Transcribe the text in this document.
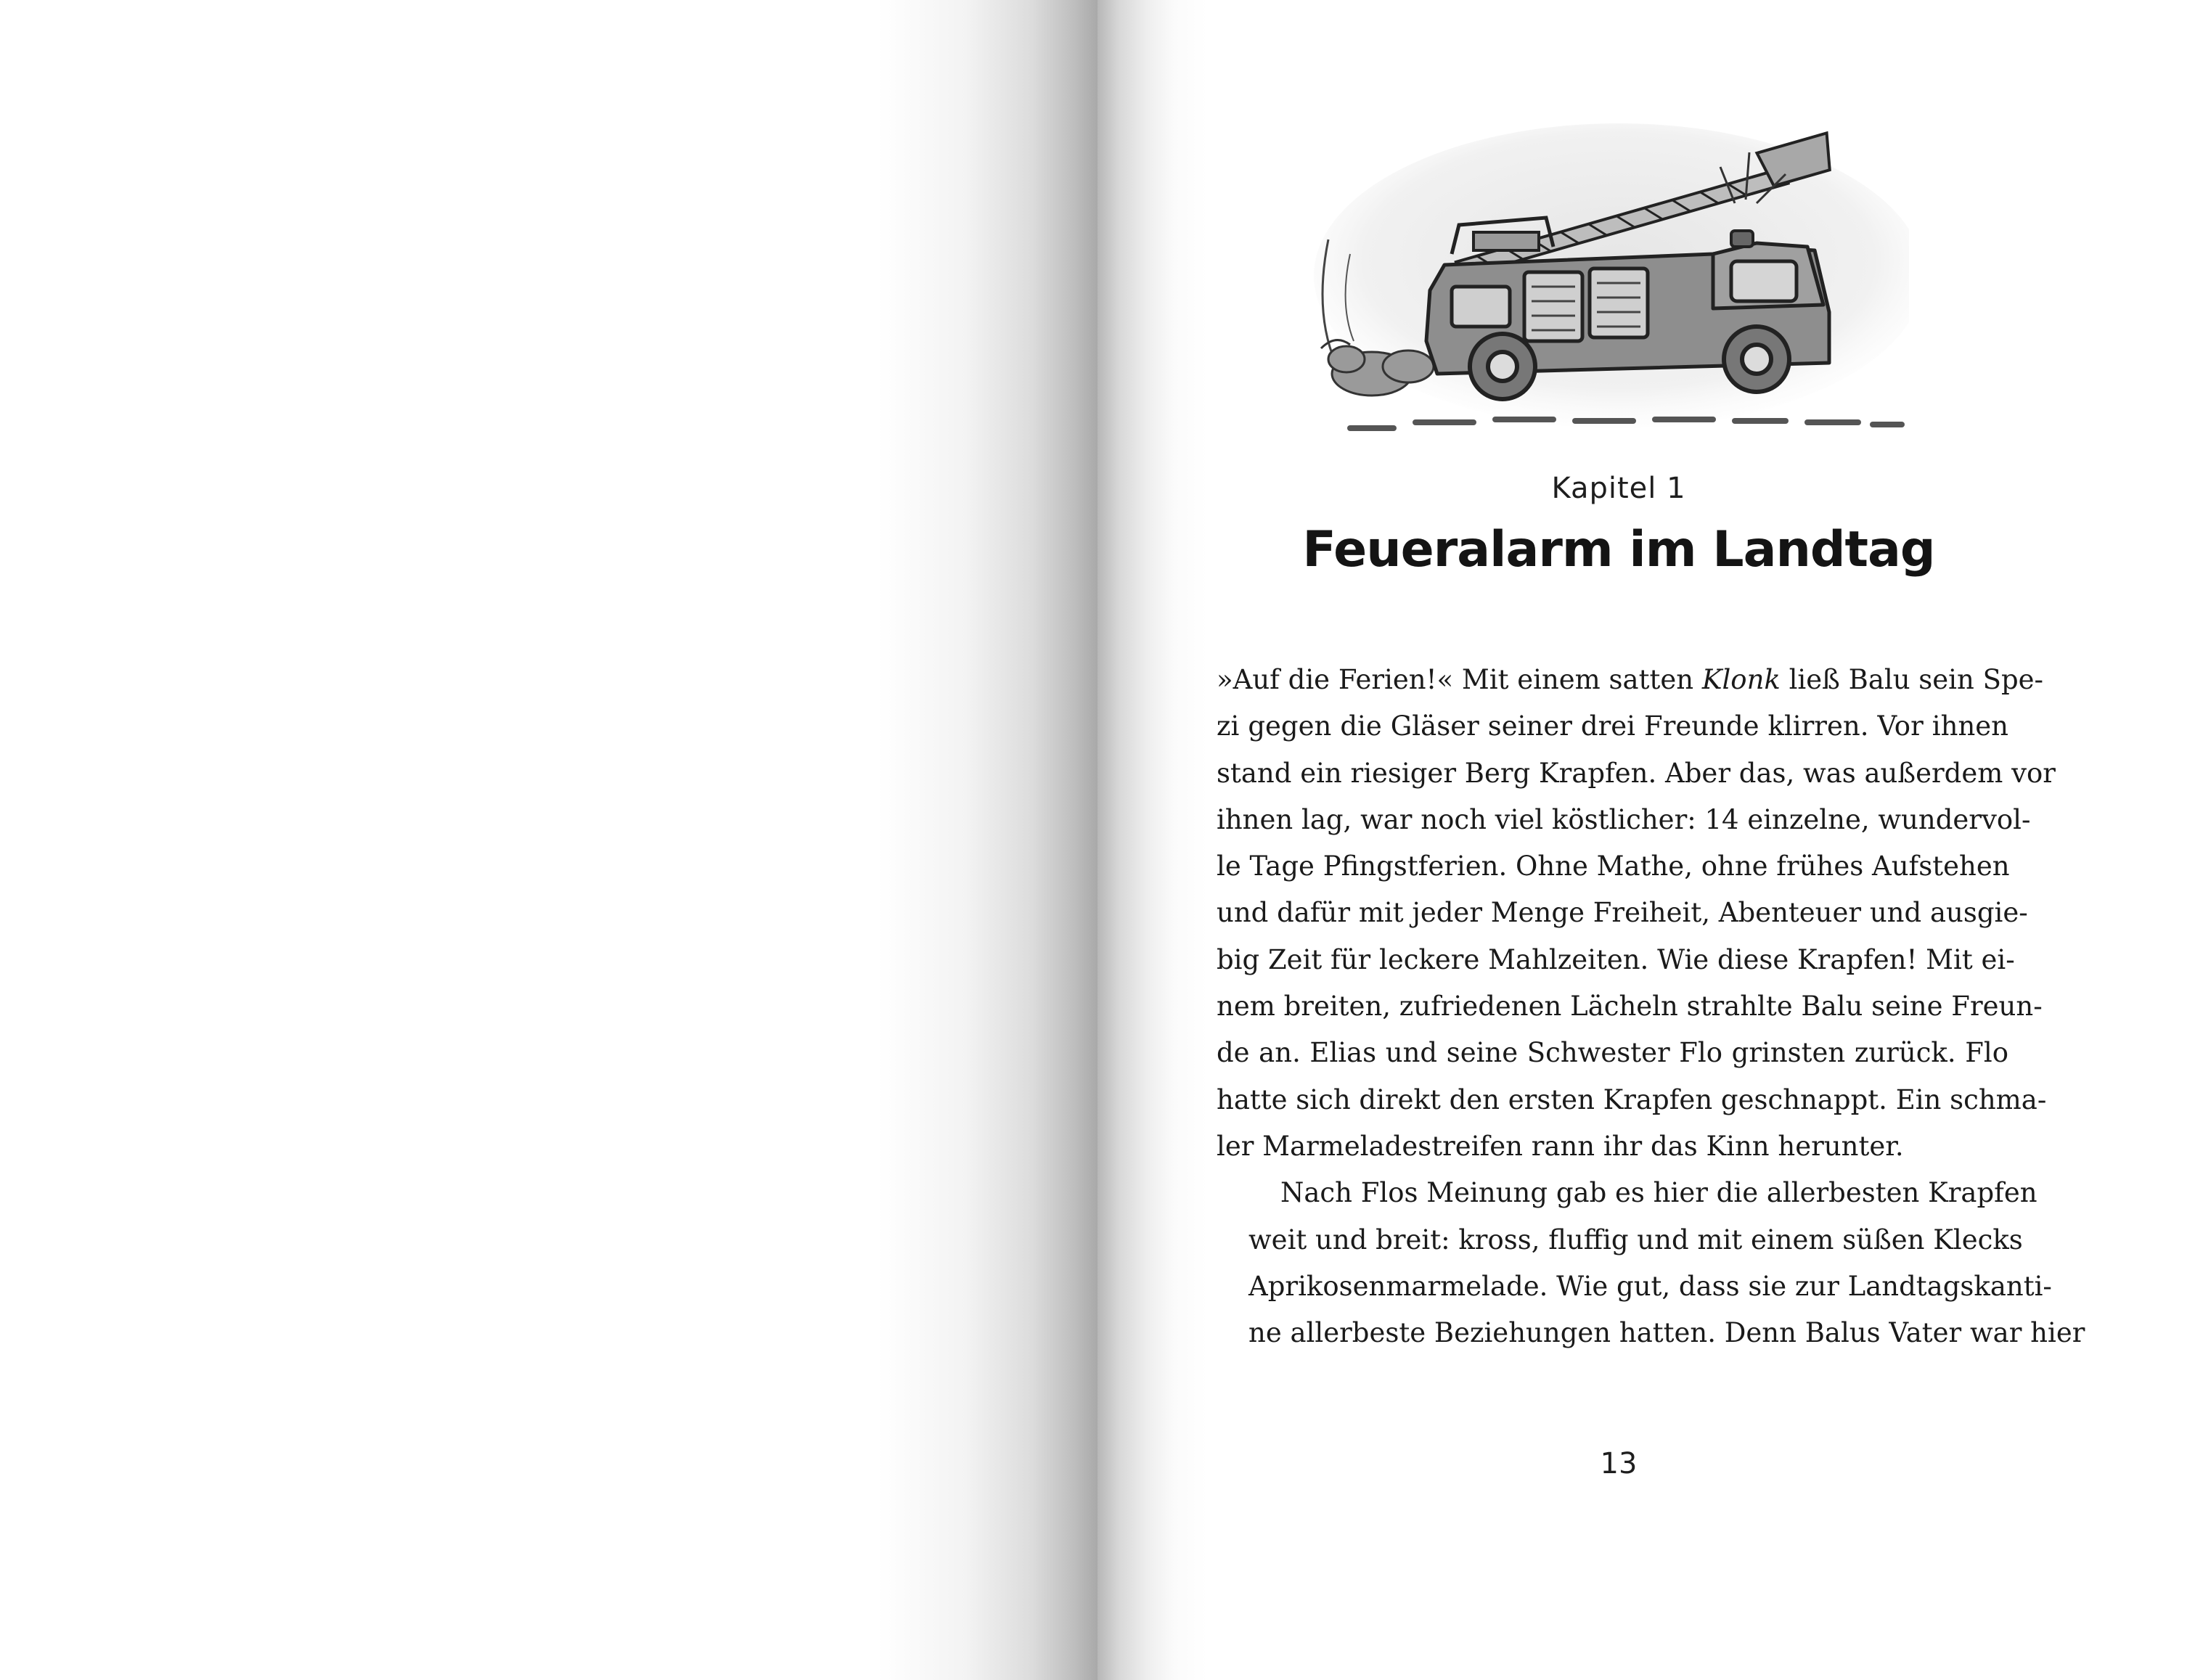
Kapitel 1
Feueralarm im Landtag

»Auf die Ferien!« Mit einem satten Klonk ließ Balu sein Spe-
zi gegen die Gläser seiner drei Freunde klirren. Vor ihnen
stand ein riesiger Berg Krapfen. Aber das, was außerdem vor
ihnen lag, war noch viel köstlicher: 14 einzelne, wundervol-
le Tage Pfingstferien. Ohne Mathe, ohne frühes Aufstehen
und dafür mit jeder Menge Freiheit, Abenteuer und ausgie-
big Zeit für leckere Mahlzeiten. Wie diese Krapfen! Mit ei-
nem breiten, zufriedenen Lächeln strahlte Balu seine Freun-
de an. Elias und seine Schwester Flo grinsten zurück. Flo
hatte sich direkt den ersten Krapfen geschnappt. Ein schma-
ler Marmeladestreifen rann ihr das Kinn herunter.

Nach Flos Meinung gab es hier die allerbesten Krapfen
weit und breit: kross, fluffig und mit einem süßen Klecks
Aprikosenmarmelade. Wie gut, dass sie zur Landtagskanti-
ne allerbeste Beziehungen hatten. Denn Balus Vater war hier

13
